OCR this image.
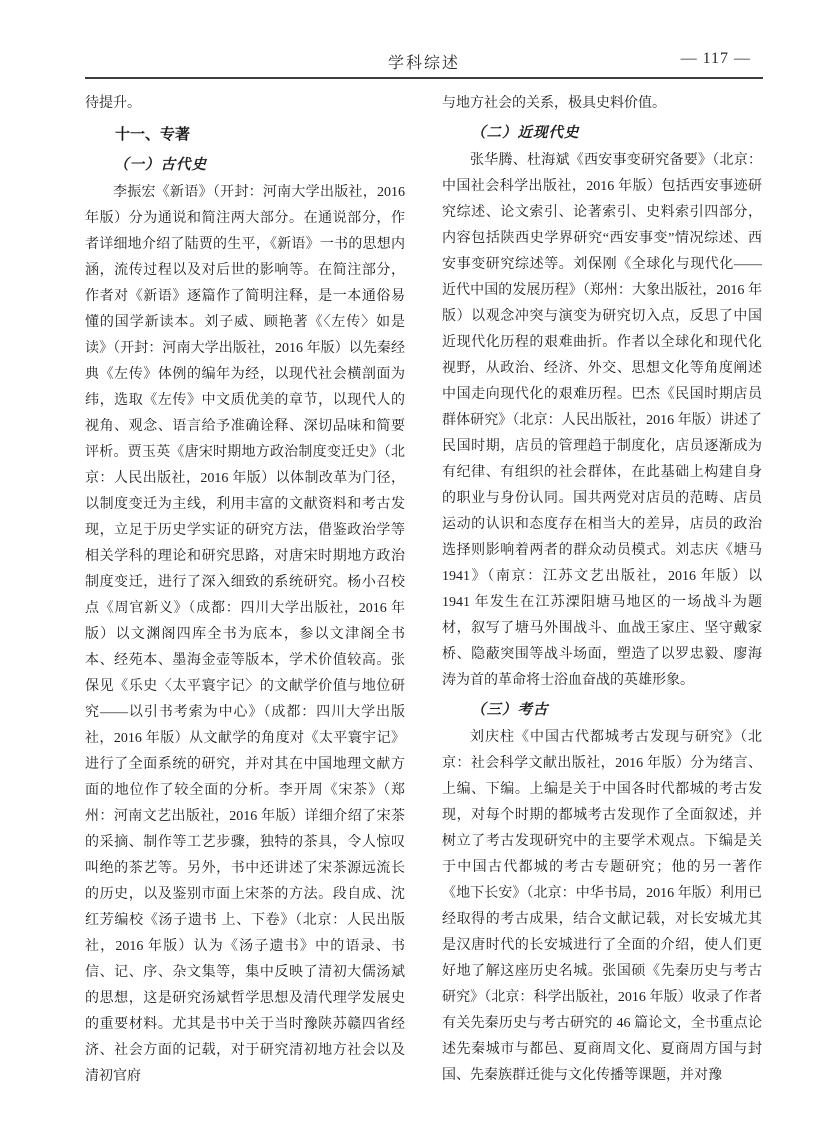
学科综述	— 117 —

待提升。

十一、专著
（一）古代史

李振宏《新语》（开封：河南大学出版社，2016 年版）分为通说和简注两大部分。在通说部分，作者详细地介绍了陆贾的生平，《新语》一书的思想内涵，流传过程以及对后世的影响等。在简注部分，作者对《新语》逐篇作了简明注释，是一本通俗易懂的国学新读本。刘子威、顾艳著《〈左传〉如是读》（开封：河南大学出版社，2016 年版）以先秦经典《左传》体例的编年为经，以现代社会横剖面为纬，选取《左传》中文质优美的章节，以现代人的视角、观念、语言给予准确诠释、深切品味和简要评析。贾玉英《唐宋时期地方政治制度变迁史》（北京：人民出版社，2016 年版）以体制改革为门径，以制度变迁为主线，利用丰富的文献资料和考古发现，立足于历史学实证的研究方法，借鉴政治学等相关学科的理论和研究思路，对唐宋时期地方政治制度变迁，进行了深入细致的系统研究。杨小召校点《周官新义》（成都：四川大学出版社，2016 年版）以文渊阁四库全书为底本，参以文津阁全书本、经苑本、墨海金壶等版本，学术价值较高。张保见《乐史〈太平寰宇记〉的文献学价值与地位研究——以引书考索为中心》（成都：四川大学出版社，2016 年版）从文献学的角度对《太平寰宇记》进行了全面系统的研究，并对其在中国地理文献方面的地位作了较全面的分析。李开周《宋茶》（郑州：河南文艺出版社，2016 年版）详细介绍了宋茶的采摘、制作等工艺步骤，独特的茶具，令人惊叹叫绝的茶艺等。另外，书中还讲述了宋茶源远流长的历史，以及鉴别市面上宋茶的方法。段自成、沈红芳编校《汤子遗书 上、下卷》（北京：人民出版社，2016 年版）认为《汤子遗书》中的语录、书信、记、序、杂文集等，集中反映了清初大儒汤斌的思想，这是研究汤斌哲学思想及清代理学发展史的重要材料。尤其是书中关于当时豫陕苏赣四省经济、社会方面的记载，对于研究清初地方社会以及清初官府

与地方社会的关系，极具史料价值。

（二）近现代史

张华腾、杜海斌《西安事变研究备要》（北京：中国社会科学出版社，2016 年版）包括西安事迹研究综述、论文索引、论著索引、史料索引四部分，内容包括陕西史学界研究“西安事变”情况综述、西安事变研究综述等。刘保刚《全球化与现代化——近代中国的发展历程》（郑州：大象出版社，2016 年版）以观念冲突与演变为研究切入点，反思了中国近现代化历程的艰难曲折。作者以全球化和现代化视野，从政治、经济、外交、思想文化等角度阐述中国走向现代化的艰难历程。巴杰《民国时期店员群体研究》（北京：人民出版社，2016 年版）讲述了民国时期，店员的管理趋于制度化，店员逐渐成为有纪律、有组织的社会群体，在此基础上构建自身的职业与身份认同。国共两党对店员的范畴、店员运动的认识和态度存在相当大的差异，店员的政治选择则影响着两者的群众动员模式。刘志庆《塘马 1941》（南京：江苏文艺出版社，2016 年版）以 1941 年发生在江苏溧阳塘马地区的一场战斗为题材，叙写了塘马外围战斗、血战王家庄、坚守戴家桥、隐蔽突围等战斗场面，塑造了以罗忠毅、廖海涛为首的革命将士浴血奋战的英雄形象。

（三）考古

刘庆柱《中国古代都城考古发现与研究》（北京：社会科学文献出版社，2016 年版）分为绪言、上编、下编。上编是关于中国各时代都城的考古发现，对每个时期的都城考古发现作了全面叙述，并树立了考古发现研究中的主要学术观点。下编是关于中国古代都城的考古专题研究；他的另一著作《地下长安》（北京：中华书局，2016 年版）利用已经取得的考古成果，结合文献记载，对长安城尤其是汉唐时代的长安城进行了全面的介绍，使人们更好地了解这座历史名城。张国硕《先秦历史与考古研究》（北京：科学出版社，2016 年版）收录了作者有关先秦历史与考古研究的 46 篇论文，全书重点论述先秦城市与都邑、夏商周文化、夏商周方国与封国、先秦族群迁徙与文化传播等课题，并对豫
